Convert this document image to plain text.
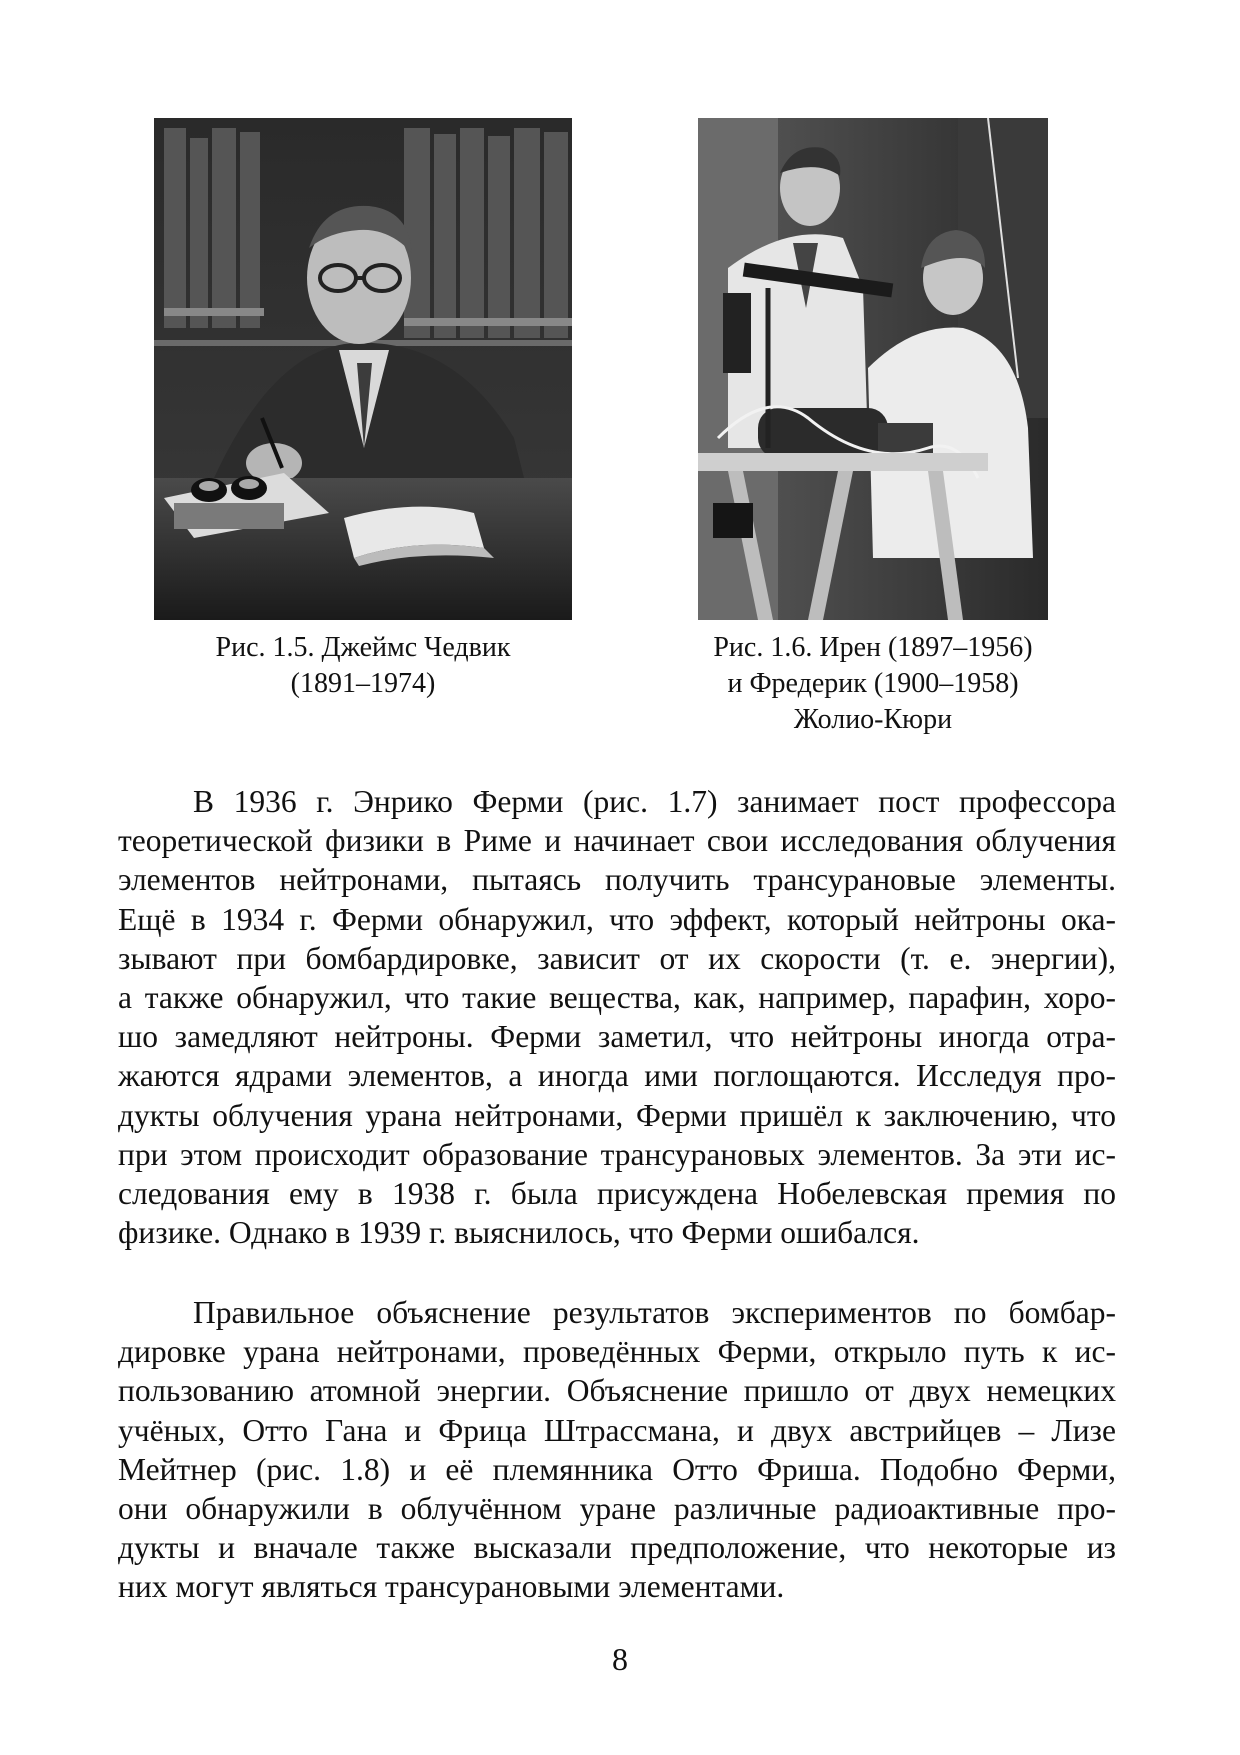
Рис. 1.5. Джеймс Чедвик
(1891–1974)
Рис. 1.6. Ирен (1897–1956)
и Фредерик (1900–1958)
Жолио-Кюри
В 1936 г. Энрико Ферми (рис. 1.7) занимает пост профессора
теоретической физики в Риме и начинает свои исследования облучения
элементов нейтронами, пытаясь получить трансурановые элементы.
Ещё в 1934 г. Ферми обнаружил, что эффект, который нейтроны ока-
зывают при бомбардировке, зависит от их скорости (т. е. энергии),
а также обнаружил, что такие вещества, как, например, парафин, хоро-
шо замедляют нейтроны. Ферми заметил, что нейтроны иногда отра-
жаются ядрами элементов, а иногда ими поглощаются. Исследуя про-
дукты облучения урана нейтронами, Ферми пришёл к заключению, что
при этом происходит образование трансурановых элементов. За эти ис-
следования ему в 1938 г. была присуждена Нобелевская премия по
физике. Однако в 1939 г. выяснилось, что Ферми ошибался.
Правильное объяснение результатов экспериментов по бомбар-
дировке урана нейтронами, проведённых Ферми, открыло путь к ис-
пользованию атомной энергии. Объяснение пришло от двух немецких
учёных, Отто Гана и Фрица Штрассмана, и двух австрийцев – Лизе
Мейтнер (рис. 1.8) и её племянника Отто Фриша. Подобно Ферми,
они обнаружили в облучённом уране различные радиоактивные про-
дукты и вначале также высказали предположение, что некоторые из
них могут являться трансурановыми элементами.
8
